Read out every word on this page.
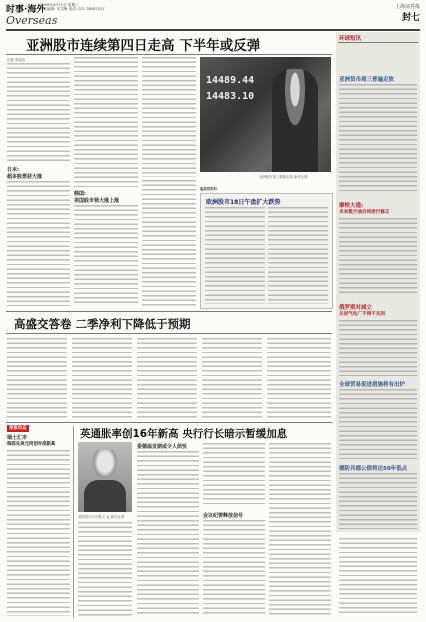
时事·海外
2009年4月15日 星期三
责任编辑: 朱雪梅 电话: 021-38967527	上海证券报
封七
Overseas
环球短讯
亚洲货币周三普遍走软
摩根大通:
未来数月油价将逆行修正
俄罗斯对减立
关闭气电厂不得不关闭
全球贸易促进措施将有出炉
德防共德公债将达50年低点
亚洲股市连续第四日走高 下半年或反弹
记者 朱周良
日本:
超多股票获大涨
韩国:
美国股市领大涨上涨
14489.44
14483.10
亚洲股市周三继续走高 新华社图
编者按资料
欧洲股市18日午盘扩大跌势
高盛交答卷 二季净利下降低于预期
预报动态
瑞士汇市
瑞郎兑美元同创年度新高
英通胀率创16年新高 央行行长暗示暂缓加息
英国央行行长默文·金 新华社图
爱德溢发期或令人烦忧
会议纪要释放信号
